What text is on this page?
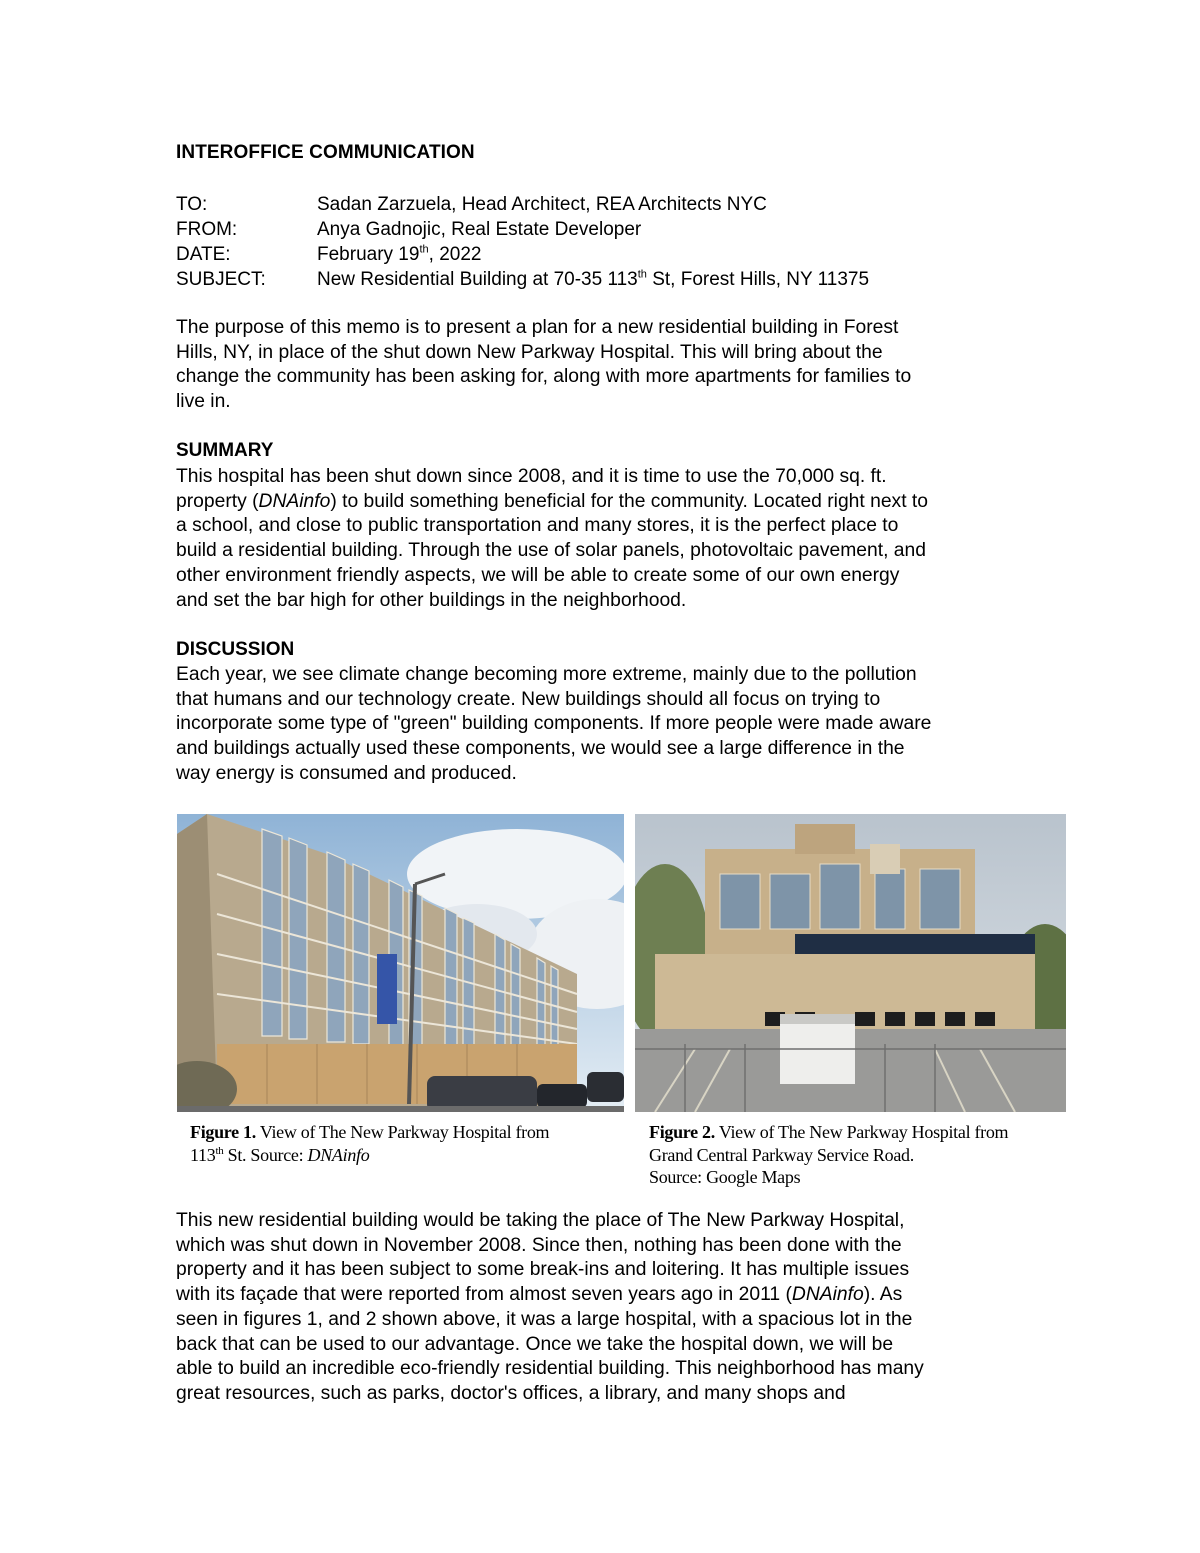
INTEROFFICE COMMUNICATION
TO:	Sadan Zarzuela, Head Architect, REA Architects NYC
FROM:	Anya Gadnojic, Real Estate Developer
DATE:	February 19th, 2022
SUBJECT:	New Residential Building at 70-35 113th St, Forest Hills, NY 11375
The purpose of this memo is to present a plan for a new residential building in Forest
Hills, NY, in place of the shut down New Parkway Hospital. This will bring about the
change the community has been asking for, along with more apartments for families to
live in.
SUMMARY
This hospital has been shut down since 2008, and it is time to use the 70,000 sq. ft.
property (DNAinfo) to build something beneficial for the community. Located right next to
a school, and close to public transportation and many stores, it is the perfect place to
build a residential building. Through the use of solar panels, photovoltaic pavement, and
other environment friendly aspects, we will be able to create some of our own energy
and set the bar high for other buildings in the neighborhood.
DISCUSSION
Each year, we see climate change becoming more extreme, mainly due to the pollution
that humans and our technology create. New buildings should all focus on trying to
incorporate some type of "green" building components. If more people were made aware
and buildings actually used these components, we would see a large difference in the
way energy is consumed and produced.
Figure 1. View of The New Parkway Hospital from
113th St. Source: DNAinfo
Figure 2. View of The New Parkway Hospital from
Grand Central Parkway Service Road.
Source: Google Maps
This new residential building would be taking the place of The New Parkway Hospital,
which was shut down in November 2008. Since then, nothing has been done with the
property and it has been subject to some break-ins and loitering. It has multiple issues
with its façade that were reported from almost seven years ago in 2011 (DNAinfo). As
seen in figures 1, and 2 shown above, it was a large hospital, with a spacious lot in the
back that can be used to our advantage. Once we take the hospital down, we will be
able to build an incredible eco-friendly residential building. This neighborhood has many
great resources, such as parks, doctor's offices, a library, and many shops and
